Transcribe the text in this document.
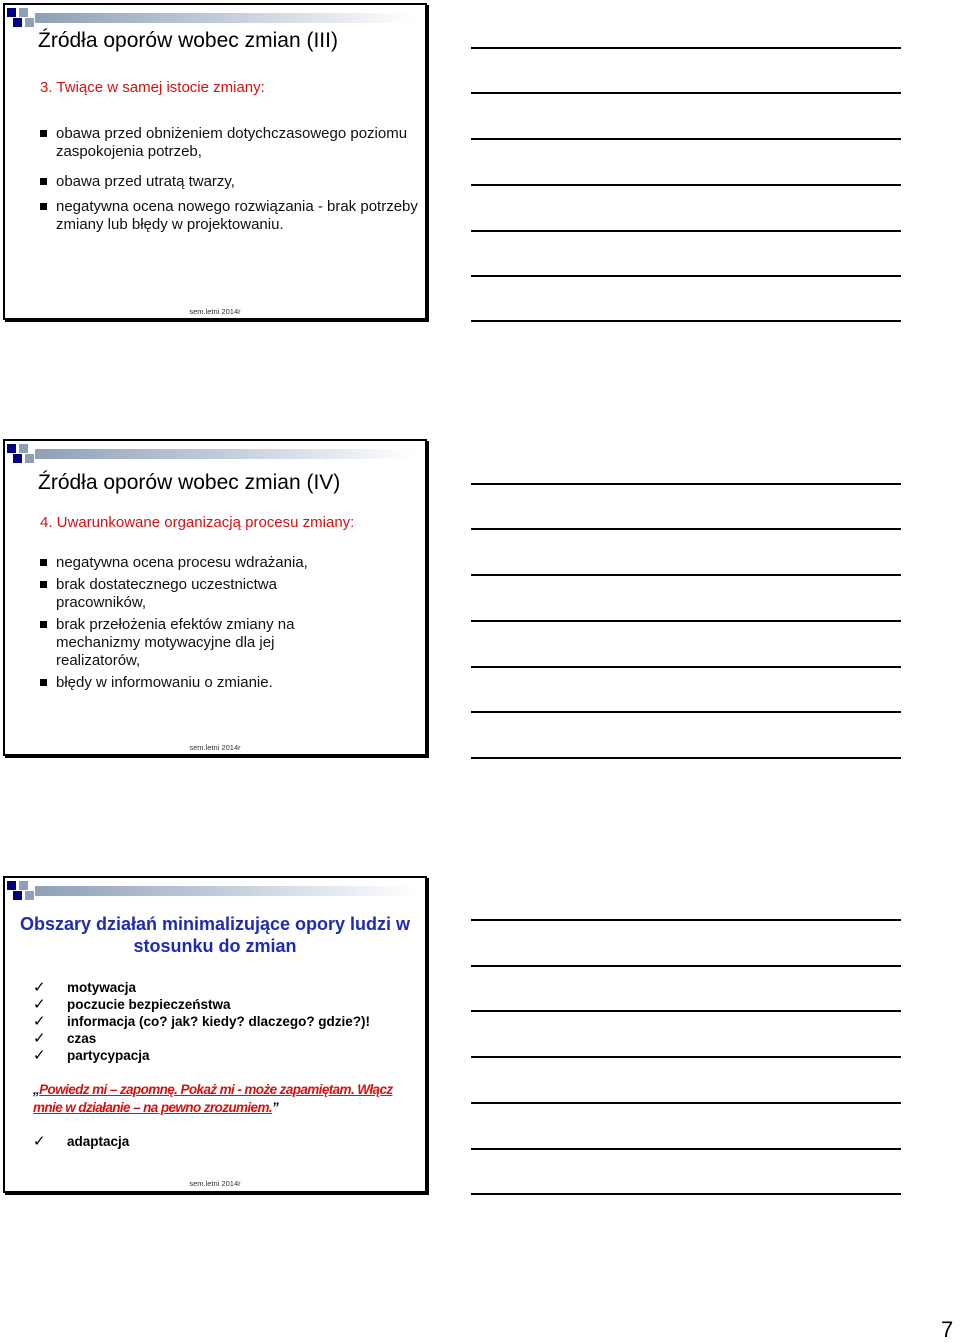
Źródła oporów wobec zmian (III)
3. Twiące w samej istocie zmiany:
obawa przed obniżeniem dotychczasowego poziomu zaspokojenia potrzeb,
obawa przed utratą twarzy,
negatywna ocena nowego rozwiązania - brak potrzeby zmiany lub błędy w projektowaniu.
sem.letni 2014r
Źródła oporów wobec zmian (IV)
4. Uwarunkowane organizacją procesu zmiany:
negatywna ocena procesu wdrażania,
brak dostatecznego uczestnictwa pracowników,
brak przełożenia efektów zmiany na mechanizmy motywacyjne dla jej realizatorów,
błędy w informowaniu o zmianie.
sem.letni 2014r
Obszary działań minimalizujące opory ludzi w stosunku do zmian
✓ motywacja
✓ poczucie bezpieczeństwa
✓ informacja (co? jak? kiedy? dlaczego? gdzie?)!
✓ czas
✓ partycypacja
„Powiedz mi – zapomnę. Pokaż mi - może zapamiętam. Włącz mnie w działanie – na pewno zrozumiem.”
✓ adaptacja
sem.letni 2014r
7
